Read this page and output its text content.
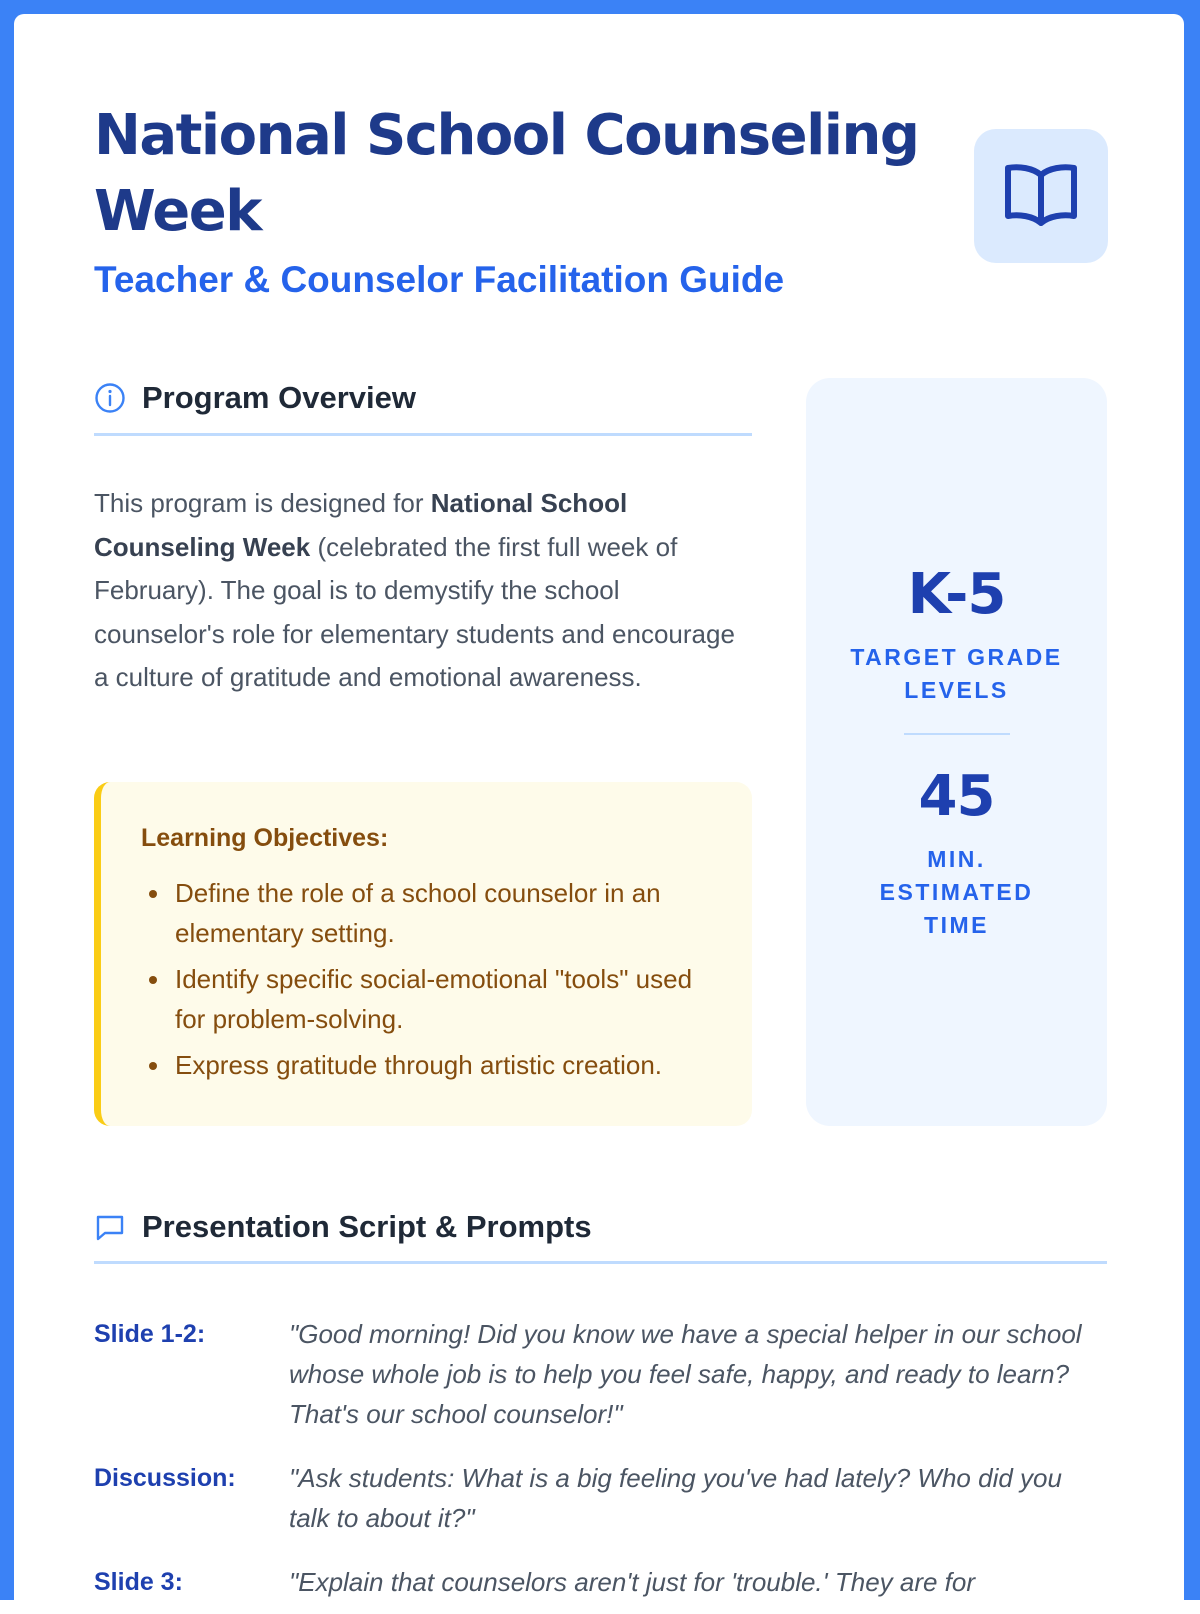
National School Counseling Week
Teacher & Counselor Facilitation Guide
Program Overview

This program is designed for National School Counseling Week (celebrated the first full week of February). The goal is to demystify the school counselor's role for elementary students and encourage a culture of gratitude and emotional awareness.

Learning Objectives:
Define the role of a school counselor in an elementary setting.
Identify specific social-emotional "tools" used for problem-solving.
Express gratitude through artistic creation.
K-5
TARGET GRADE LEVELS
45
MIN. ESTIMATED TIME
Presentation Script & Prompts
Slide 1-2:	"Good morning! Did you know we have a special helper in our school whose whole job is to help you feel safe, happy, and ready to learn? That's our school counselor!"
Discussion:	"Ask students: What is a big feeling you've had lately? Who did you talk to about it?"
Slide 3:	"Explain that counselors aren't just for 'trouble.' They are for
